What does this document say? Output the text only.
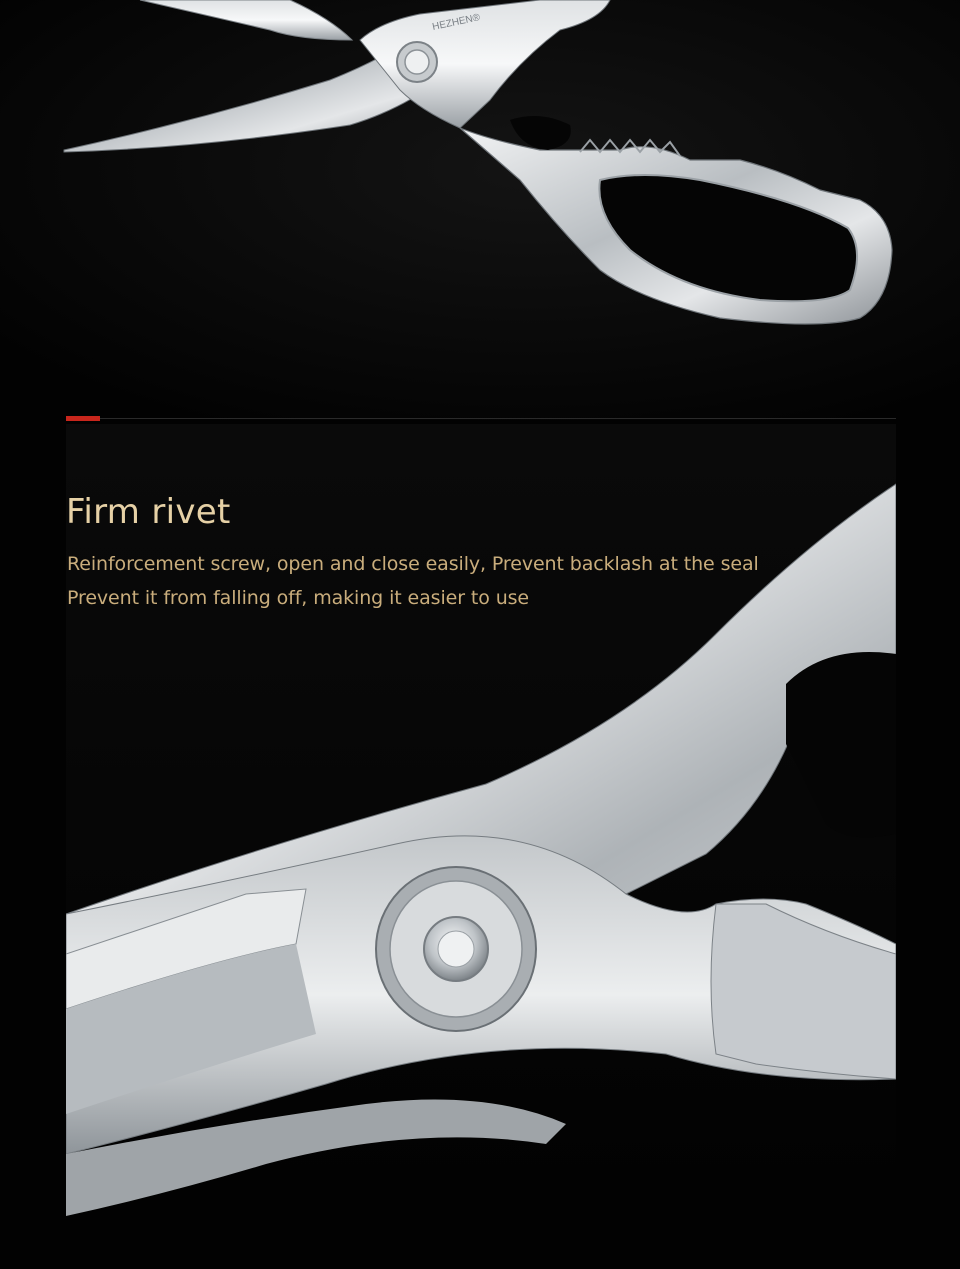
HEZHEN®
Firm rivet

Reinforcement screw, open and close easily, Prevent backlash at the seal

Prevent it from falling off, making it easier to use
